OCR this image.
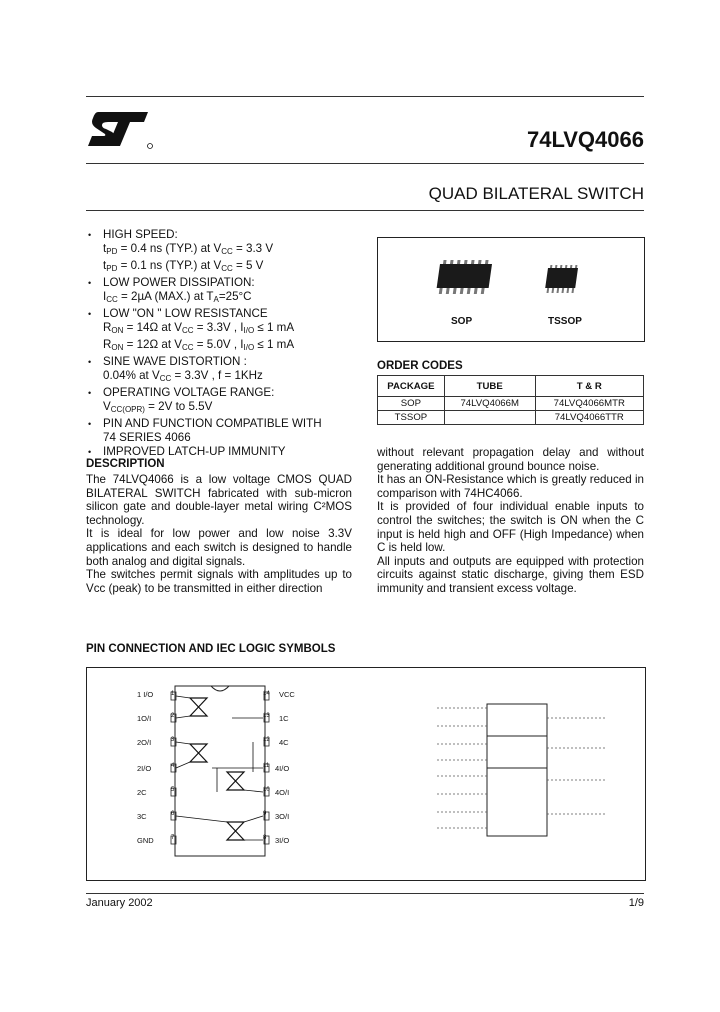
74LVQ4066
QUAD BILATERAL SWITCH
• HIGH SPEED:
$t_{PD} = 0.4$ ns (TYP.) at $V_{CC} = 3.3$ V
$t_{PD} = 0.1$ ns (TYP.) at $V_{CC} = 5$ V
• LOW POWER DISSIPATION:
$I_{CC} = 2\mu A$ (MAX.) at $T_A=25^\circ C$
• LOW "ON " LOW RESISTANCE
$R_{ON} = 14\Omega$ at $V_{CC} = 3.3V$ , $I_{I/O} \le 1$ mA
$R_{ON} = 12\Omega$ at $V_{CC} = 5.0V$ , $I_{I/O} \le 1$ mA
• SINE WAVE DISTORTION :
0.04% at $V_{CC} = 3.3V$ , f = 1KHz
• OPERATING VOLTAGE RANGE:
$V_{CC(OPR)} = 2V$ to 5.5V
• PIN AND FUNCTION COMPATIBLE WITH
74 SERIES 4066
• IMPROVED LATCH-UP IMMUNITY
SOP	TSSOP
ORDER CODES
PACKAGE	TUBE	T & R
SOP	74LVQ4066M	74LVQ4066MTR
TSSOP		74LVQ4066TTR
DESCRIPTION
The 74LVQ4066 is a low voltage CMOS QUAD BILATERAL SWITCH fabricated with sub-micron silicon gate and double-layer metal wiring C²MOS technology.
It is ideal for low power and low noise 3.3V applications and each switch is designed to handle both analog and digital signals.
The switches permit signals with amplitudes up to Vcc (peak) to be transmitted in either direction
without relevant propagation delay and without generating additional ground bounce noise.
It has an ON-Resistance which is greatly reduced in comparison with 74HC4066.
It is provided of four individual enable inputs to control the switches; the switch is ON when the C input is held high and OFF (High Impedance) when C is held low.
All inputs and outputs are equipped with protection circuits against static discharge, giving them ESD immunity and transient excess voltage.
PIN CONNECTION AND IEC LOGIC SYMBOLS
1 I/O
1O/I
2O/I
2I/O
2C
3C
GND
1
2
3
4
5
6
7
14
13
12
11
10
9
8
VCC
1C
4C
4I/O
4O/I
3O/I
3I/O
January 2002	1/9
